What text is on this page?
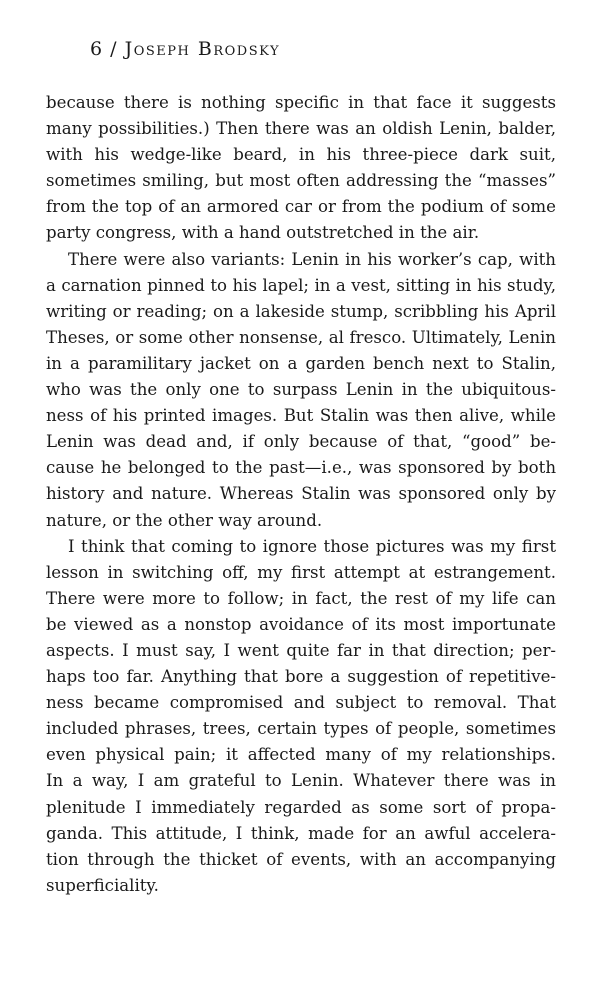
6 / Joseph Brodsky
because there is nothing specific in that face it suggests
many possibilities.) Then there was an oldish Lenin, balder,
with his wedge-like beard, in his three-piece dark suit,
sometimes smiling, but most often addressing the “masses”
from the top of an armored car or from the podium of some
party congress, with a hand outstretched in the air.
There were also variants: Lenin in his worker’s cap, with
a carnation pinned to his lapel; in a vest, sitting in his study,
writing or reading; on a lakeside stump, scribbling his April
Theses, or some other nonsense, al fresco. Ultimately, Lenin
in a paramilitary jacket on a garden bench next to Stalin,
who was the only one to surpass Lenin in the ubiquitous-
ness of his printed images. But Stalin was then alive, while
Lenin was dead and, if only because of that, “good” be-
cause he belonged to the past—i.e., was sponsored by both
history and nature. Whereas Stalin was sponsored only by
nature, or the other way around.
I think that coming to ignore those pictures was my first
lesson in switching off, my first attempt at estrangement.
There were more to follow; in fact, the rest of my life can
be viewed as a nonstop avoidance of its most importunate
aspects. I must say, I went quite far in that direction; per-
haps too far. Anything that bore a suggestion of repetitive-
ness became compromised and subject to removal. That
included phrases, trees, certain types of people, sometimes
even physical pain; it affected many of my relationships.
In a way, I am grateful to Lenin. Whatever there was in
plenitude I immediately regarded as some sort of propa-
ganda. This attitude, I think, made for an awful accelera-
tion through the thicket of events, with an accompanying
superficiality.
